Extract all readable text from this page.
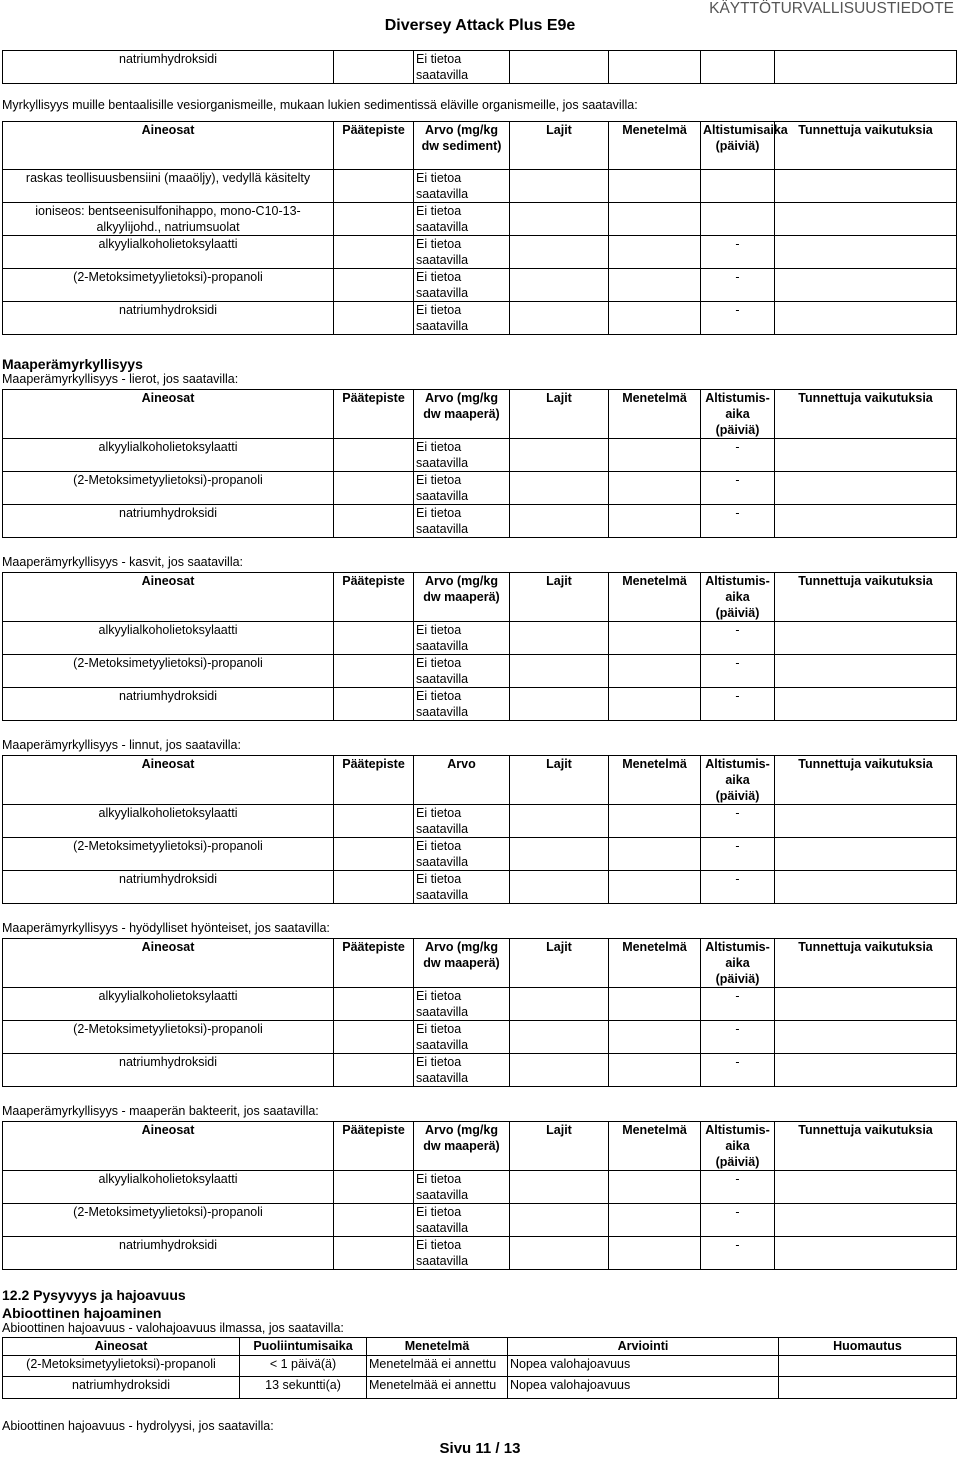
Diversey Attack Plus E9e
KÄYTTÖTURVALLISUUSTIEDOTE
natriumhydroksidi		Ei tietoa saatavilla				
Myrkyllisyys muille bentaalisille vesiorganismeille, mukaan lukien sedimentissä eläville organismeille, jos saatavilla:
Aineosat	Päätepiste	Arvo (mg/kg dw sediment)	Lajit	Menetelmä	Altistumisaika (päiviä)	Tunnettuja vaikutuksia
raskas teollisuusbensiini (maaöljy), vedyllä käsitelty		Ei tietoa saatavilla				
ioniseos: bentseenisulfonihappo, mono-C10-13-alkyylijohd., natriumsuolat		Ei tietoa saatavilla				
alkyylialkoholietoksylaatti		Ei tietoa saatavilla			-	
(2-Metoksimetyylietoksi)-propanoli		Ei tietoa saatavilla			-	
natriumhydroksidi		Ei tietoa saatavilla			-	
Maaperämyrkyllisyys
Maaperämyrkyllisyys - lierot, jos saatavilla:
Aineosat	Päätepiste	Arvo (mg/kg dw maaperä)	Lajit	Menetelmä	Altistumis-aika (päiviä)	Tunnettuja vaikutuksia
alkyylialkoholietoksylaatti		Ei tietoa saatavilla			-	
(2-Metoksimetyylietoksi)-propanoli		Ei tietoa saatavilla			-	
natriumhydroksidi		Ei tietoa saatavilla			-	
Maaperämyrkyllisyys - kasvit, jos saatavilla:
Aineosat	Päätepiste	Arvo (mg/kg dw maaperä)	Lajit	Menetelmä	Altistumis-aika (päiviä)	Tunnettuja vaikutuksia
alkyylialkoholietoksylaatti		Ei tietoa saatavilla			-	
(2-Metoksimetyylietoksi)-propanoli		Ei tietoa saatavilla			-	
natriumhydroksidi		Ei tietoa saatavilla			-	
Maaperämyrkyllisyys - linnut, jos saatavilla:
Aineosat	Päätepiste	Arvo	Lajit	Menetelmä	Altistumis-aika (päiviä)	Tunnettuja vaikutuksia
alkyylialkoholietoksylaatti		Ei tietoa saatavilla			-	
(2-Metoksimetyylietoksi)-propanoli		Ei tietoa saatavilla			-	
natriumhydroksidi		Ei tietoa saatavilla			-	
Maaperämyrkyllisyys - hyödylliset hyönteiset, jos saatavilla:
Aineosat	Päätepiste	Arvo (mg/kg dw maaperä)	Lajit	Menetelmä	Altistumis-aika (päiviä)	Tunnettuja vaikutuksia
alkyylialkoholietoksylaatti		Ei tietoa saatavilla			-	
(2-Metoksimetyylietoksi)-propanoli		Ei tietoa saatavilla			-	
natriumhydroksidi		Ei tietoa saatavilla			-	
Maaperämyrkyllisyys - maaperän bakteerit, jos saatavilla:
Aineosat	Päätepiste	Arvo (mg/kg dw maaperä)	Lajit	Menetelmä	Altistumis-aika (päiviä)	Tunnettuja vaikutuksia
alkyylialkoholietoksylaatti		Ei tietoa saatavilla			-	
(2-Metoksimetyylietoksi)-propanoli		Ei tietoa saatavilla			-	
natriumhydroksidi		Ei tietoa saatavilla			-	
12.2 Pysyvyys ja hajoavuus
Abioottinen hajoaminen
Abioottinen hajoavuus - valohajoavuus ilmassa, jos saatavilla:
Aineosat	Puoliintumisaika	Menetelmä	Arviointi	Huomautus
(2-Metoksimetyylietoksi)-propanoli	< 1 päivä(ä)	Menetelmää ei annettu	Nopea valohajoavuus	
natriumhydroksidi	13 sekuntti(a)	Menetelmää ei annettu	Nopea valohajoavuus	
Abioottinen hajoavuus - hydrolyysi, jos saatavilla:
Sivu 11 / 13
